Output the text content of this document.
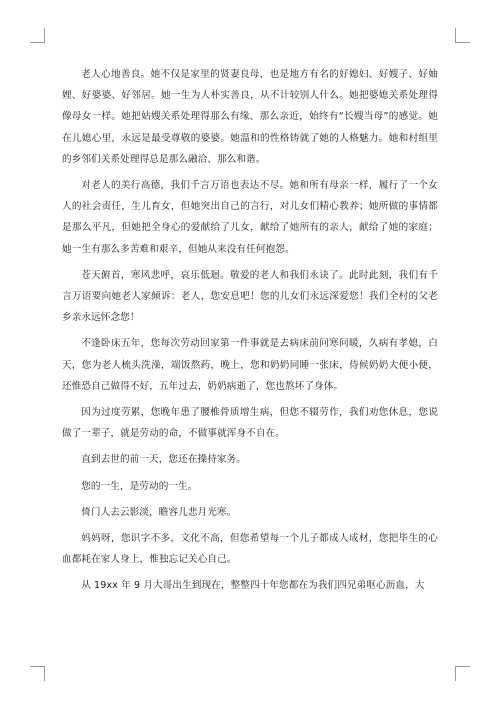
老人心地善良。她不仅是家里的贤妻良母，也是地方有名的好媳妇、好嫂子、好妯娌、好婆婆、好邻居。她一生为人朴实善良，从不计较别人什么。她把婆媳关系处理得像母女一样。她把姑嫂关系处理得那么有缘、那么亲近，始终有“长嫂当母”的感觉。她在儿媳心里，永远是最受尊敬的婆婆。她温和的性格铸就了她的人格魅力。她和村组里的乡邻们关系处理得总是那么融洽、那么和谐。

对老人的美行高德，我们千言万语也表达不尽。她和所有母亲一样，履行了一个女人的社会责任，生儿育女，但她突出自己的言行，对儿女们精心教养；她所做的事情都是那么平凡，但她把全身心的爱献给了儿女，献给了她所有的亲人，献给了她的家庭；她一生有那么多苦难和艰辛，但她从来没有任何抱怨。

苍天俯首，寒风悲呼，哀乐低迴。敬爱的老人和我们永诀了。此时此刻，我们有千言万语要向她老人家倾诉：老人，您安息吧！您的儿女们永远深爱您！我们全村的父老乡亲永远怀念您！

不逢卧床五年，您每次劳动回家第一件事就是去病床前问寒问暖，久病有孝媳，白天，您为老人梳头洗澡，端饭熬药，晚上，您和奶奶同睡一张床，侍候奶奶大便小便，还惟恐自己做得不好，五年过去，奶奶病逝了，您也熬坏了身体。

因为过度劳累，您晚年患了腰椎骨质增生病，但您不辍劳作，我们劝您休息，您说做了一辈子，就是劳动的命，不做事就浑身不自在。

直到去世的前一天，您还在操持家务。

您的一生，是劳动的一生。

倚门人去云影淡，瞻容儿悲月光寒。

妈妈呀，您识字不多，文化不高，但您希望每一个儿子都成人成材，您把毕生的心血都耗在家人身上，惟独忘记关心自己。

从 19xx 年 9 月大哥出生到现在，整整四十年您都在为我们四兄弟呕心沥血，大
